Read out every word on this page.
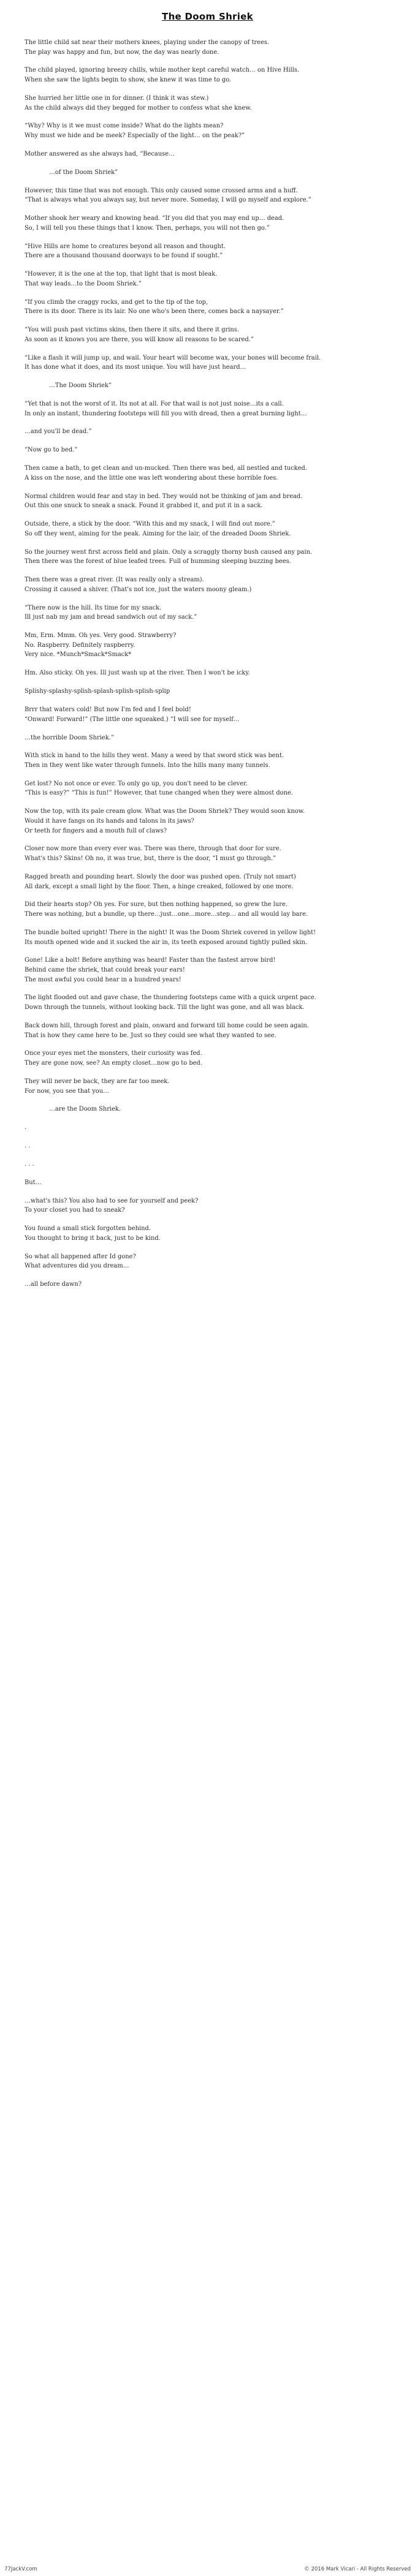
The Doom Shriek

The little child sat near their mothers knees, playing under the canopy of trees.
The play was happy and fun, but now, the day was nearly done.

The child played, ignoring breezy chills, while mother kept careful watch… on Hive Hills.
When she saw the lights begin to show, she knew it was time to go.

She hurried her little one in for dinner. (I think it was stew.)
As the child always did they begged for mother to confess what she knew.

“Why? Why is it we must come inside? What do the lights mean?
Why must we hide and be meek? Especially of the light… on the peak?”

Mother answered as she always had, “Because…

…of the Doom Shriek”

However, this time that was not enough. This only caused some crossed arms and a huff.
“That is always what you always say, but never more. Someday, I will go myself and explore.”

Mother shook her weary and knowing head. “If you did that you may end up… dead.
So, I will tell you these things that I know. Then, perhaps, you will not then go.”

“Hive Hills are home to creatures beyond all reason and thought.
There are a thousand thousand doorways to be found if sought.”

“However, it is the one at the top, that light that is most bleak.
That way leads…to the Doom Shriek.”

“If you climb the craggy rocks, and get to the tip of the top,
There is its door. There is its lair. No one who's been there, comes back a naysayer.”

“You will push past victims skins, then there it sits, and there it grins.
As soon as it knows you are there, you will know all reasons to be scared.”

“Like a flash it will jump up, and wail. Your heart will become wax, your bones will become frail.
It has done what it does, and its most unique. You will have just heard…

…The Doom Shriek”

“Yet that is not the worst of it. Its not at all. For that wail is not just noise…its a call.
In only an instant, thundering footsteps will fill you with dread, then a great burning light…

…and you'll be dead.”

“Now go to bed.”

Then came a bath, to get clean and un-mucked. Then there was bed, all nestled and tucked.
A kiss on the nose, and the little one was left wondering about these horrible foes.

Normal children would fear and stay in bed. They would not be thinking of jam and bread.
Out this one snuck to sneak a snack. Found it grabbed it, and put it in a sack.

Outside, there, a stick by the door. “With this and my snack, I will find out more.”
So off they went, aiming for the peak. Aiming for the lair, of the dreaded Doom Shriek.

So the journey went first across field and plain. Only a scraggly thorny bush caused any pain.
Then there was the forest of blue leafed trees. Full of humming sleeping buzzing bees.

Then there was a great river. (It was really only a stream).
Crossing it caused a shiver. (That's not ice, just the waters moony gleam.)

“There now is the hill. Its time for my snack.
Ill just nab my jam and bread sandwich out of my sack.”

Mm, Erm. Mmm. Oh yes. Very good. Strawberry?
No. Raspberry. Definitely raspberry.
Very nice. *Munch*Smack*Smack*

Hm. Also sticky. Oh yes. Ill just wash up at the river. Then I won't be icky.

Splishy-splashy-splish-splash-splish-splish-splip

Brrr that waters cold! But now I'm fed and I feel bold!
“Onward! Forward!” (The little one squeaked.) “I will see for myself…

…the horrible Doom Shriek.”

With stick in hand to the hills they went. Many a weed by that sword stick was bent.
Then in they went like water through funnels. Into the hills many many tunnels.

Get lost? No not once or ever. To only go up, you don't need to be clever.
“This is easy?” “This is fun!” However, that tune changed when they were almost done.

Now the top, with its pale cream glow. What was the Doom Shriek? They would soon know.
Would it have fangs on its hands and talons in its jaws?
Or teeth for fingers and a mouth full of claws?

Closer now more than every ever was. There was there, through that door for sure.
What's this? Skins! Oh no, it was true, but, there is the door, “I must go through.”

Ragged breath and pounding heart. Slowly the door was pushed open. (Truly not smart)
All dark, except a small light by the floor. Then, a hinge creaked, followed by one more.

Did their hearts stop? Oh yes. For sure, but then nothing happened, so grew the lure.
There was nothing, but a bundle, up there…just…one…more…step… and all would lay bare.

The bundle bolted upright! There in the night! It was the Doom Shriek covered in yellow light!
Its mouth opened wide and it sucked the air in, its teeth exposed around tightly pulled skin.

Gone! Like a bolt! Before anything was heard! Faster than the fastest arrow bird!
Behind came the shriek, that could break your ears!
The most awful you could hear in a hundred years!

The light flooded out and gave chase, the thundering footsteps came with a quick urgent pace.
Down through the tunnels, without looking back. Till the light was gone, and all was black.

Back down hill, through forest and plain, onward and forward till home could be seen again.
That is how they came here to be. Just so they could see what they wanted to see.

Once your eyes met the monsters, their curiosity was fed.
They are gone now, see? An empty closet…now go to bed.

They will never be back, they are far too meek.
For now, you see that you…

…are the Doom Shriek.

.

. .

. . .

But…

…what's this? You also had to see for yourself and peek?
To your closet you had to sneak?

You found a small stick forgotten behind.
You thought to bring it back, just to be kind.

So what all happened after Id gone?
What adventures did you dream…

…all before dawn?

77JackV.com	© 2016 Mark Vicari - All Rights Reserved
